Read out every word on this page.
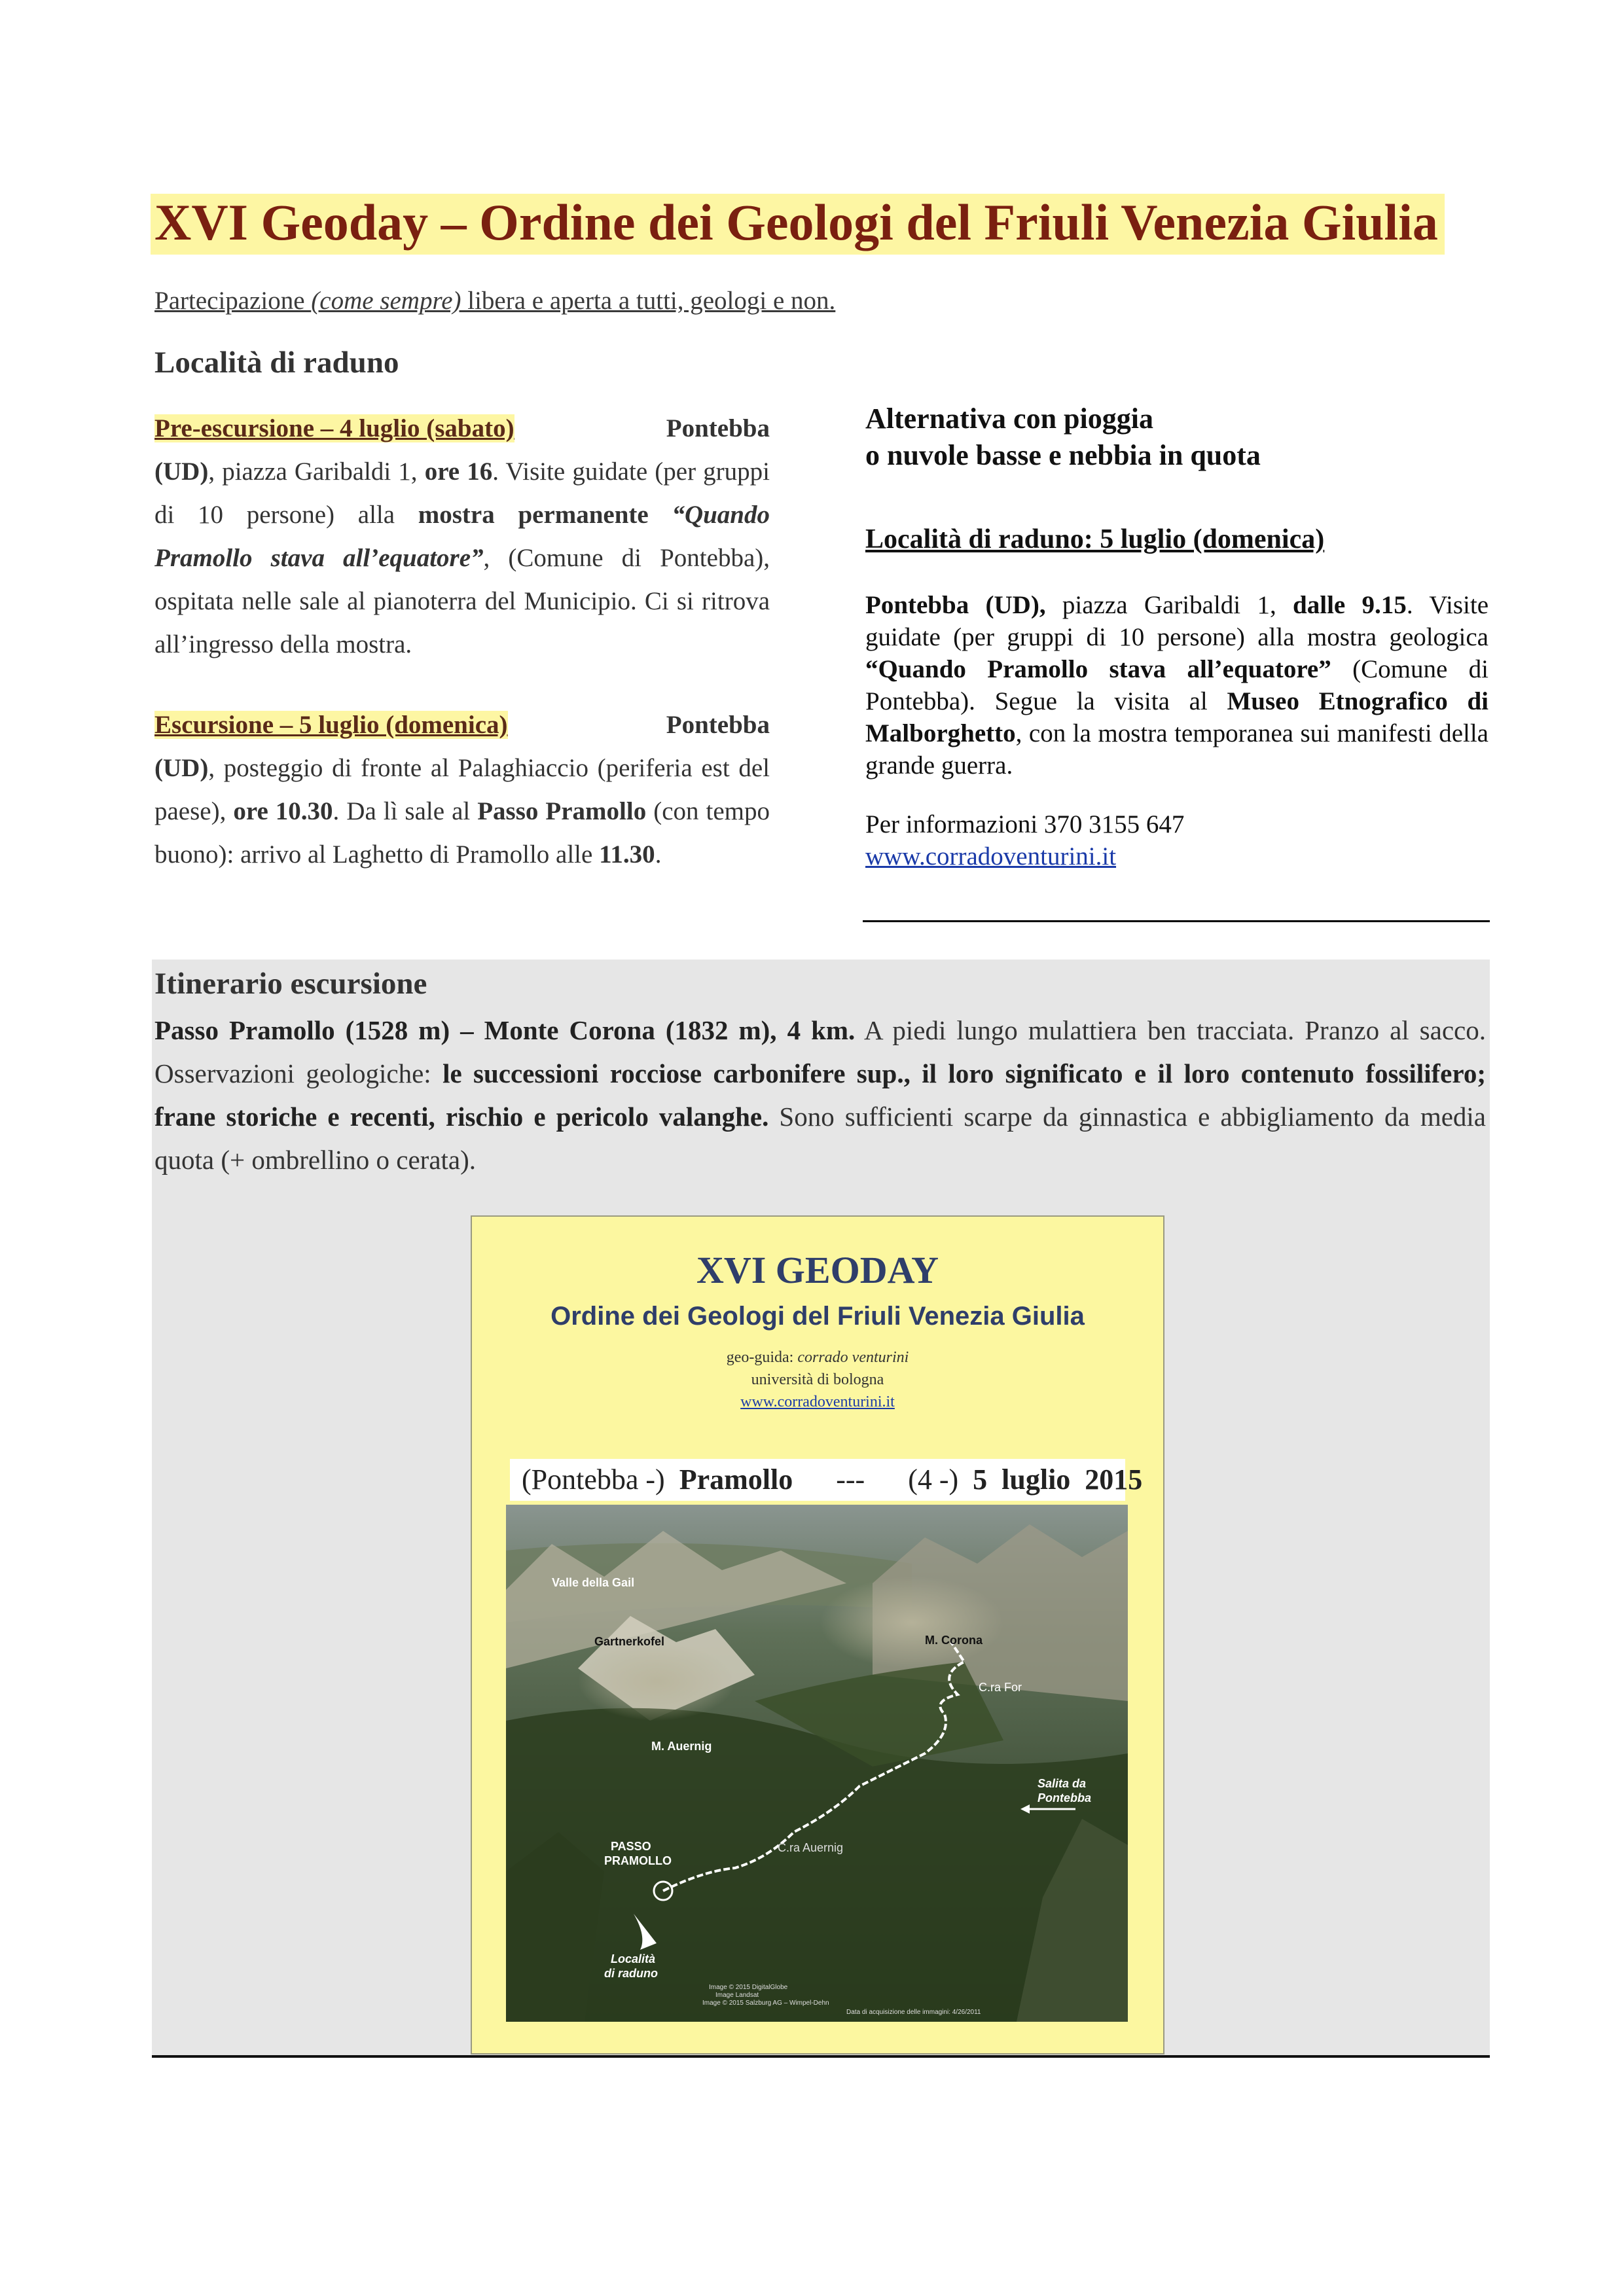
XVI Geoday – Ordine dei Geologi del Friuli Venezia Giulia
Partecipazione (come sempre) libera e aperta a tutti, geologi e non.
Località di raduno
Pontebba
Pre-escursione – 4 luglio (sabato)
(UD), piazza Garibaldi 1, ore 16. Visite guidate (per gruppi di 10 persone) alla mostra permanente “Quando Pramollo stava all’equatore”, (Comune di Pontebba), ospitata nelle sale al pianoterra del Municipio. Ci si ritrova all’ingresso della mostra.
Pontebba
Escursione – 5 luglio (domenica)
(UD), posteggio di fronte al Palaghiaccio (periferia est del paese), ore 10.30. Da lì sale al Passo Pramollo (con tempo buono): arrivo al Laghetto di Pramollo alle 11.30.
Alternativa con pioggia
o nuvole basse e nebbia in quota
Località di raduno: 5 luglio (domenica)
Pontebba (UD), piazza Garibaldi 1, dalle 9.15. Visite guidate (per gruppi di 10 persone) alla mostra geologica “Quando Pramollo stava all’equatore” (Comune di Pontebba). Segue la visita al Museo Etnografico di Malborghetto, con la mostra temporanea sui manifesti della grande guerra.
Per informazioni 370 3155 647
www.corradoventurini.it
Itinerario escursione
Passo Pramollo (1528 m) – Monte Corona (1832 m), 4 km. A piedi lungo mulattiera ben tracciata. Pranzo al sacco. Osservazioni geologiche: le successioni rocciose carbonifere sup., il loro significato e il loro contenuto fossilifero; frane storiche e recenti, rischio e pericolo valanghe. Sono sufficienti scarpe da ginnastica e abbigliamento da media quota (+ ombrellino o cerata).
XVI GEODAY
Ordine dei Geologi del Friuli Venezia Giulia
geo-guida: corrado venturini
università di bologna
www.corradoventurini.it
(Pontebba -)  Pramollo      ---      (4 -)  5  luglio  2015
Valle della Gail
Gartnerkofel	M. Corona
C.ra For
M. Auernig
Salita da
Pontebba
C.ra Auernig
PASSO
PRAMOLLO
Località
di raduno
Image © 2015 DigitalGlobe
Image Landsat
Image © 2015 Salzburg AG – Wimpel-Dehn
Data di acquisizione delle immagini: 4/26/2011
